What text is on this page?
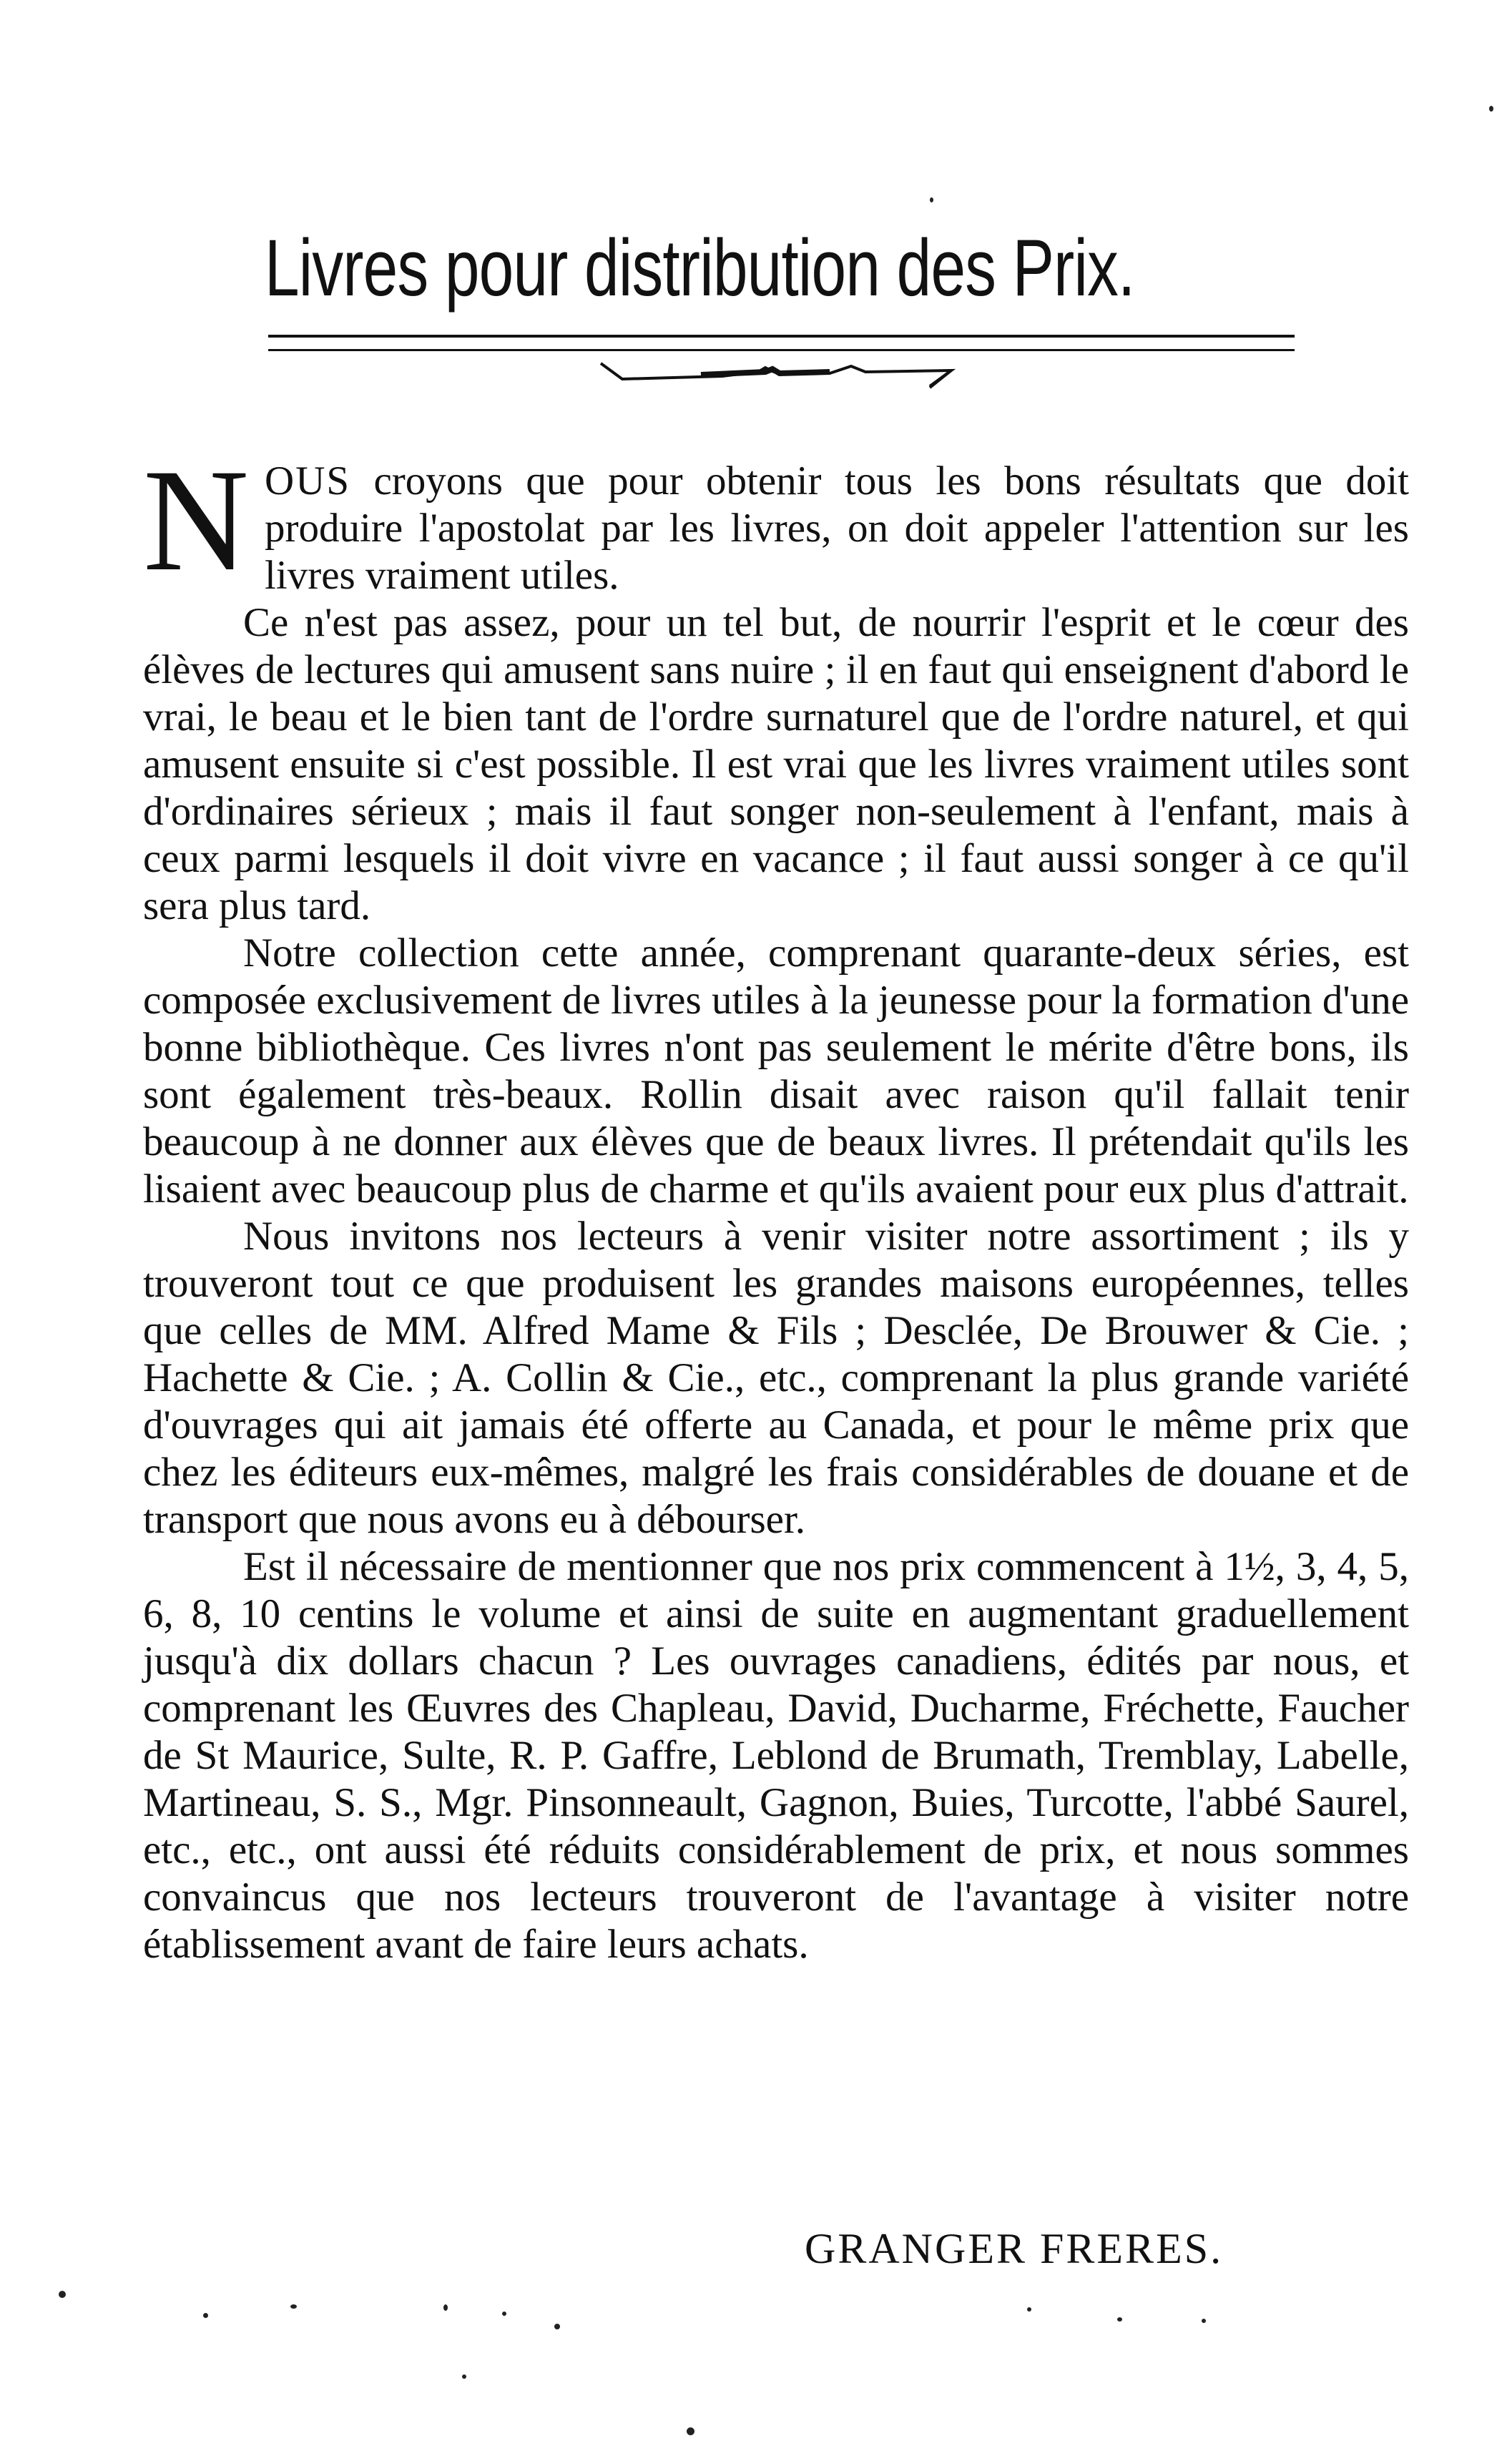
Livres pour distribution des Prix.

NOUS croyons que pour obtenir tous les bons résultats que doit produire l'apostolat par les livres, on doit appeler l'attention sur les livres vraiment utiles.

Ce n'est pas assez, pour un tel but, de nourrir l'esprit et le cœur des élèves de lectures qui amusent sans nuire ; il en faut qui enseignent d'abord le vrai, le beau et le bien tant de l'ordre surnaturel que de l'ordre naturel, et qui amusent ensuite si c'est possible. Il est vrai que les livres vraiment utiles sont d'ordinaires sérieux ; mais il faut songer non-seulement à l'enfant, mais à ceux parmi lesquels il doit vivre en vacance ; il faut aussi songer à ce qu'il sera plus tard.

Notre collection cette année, comprenant quarante-deux séries, est composée exclusivement de livres utiles à la jeunesse pour la formation d'une bonne bibliothèque. Ces livres n'ont pas seulement le mérite d'être bons, ils sont également très-beaux. Rollin disait avec raison qu'il fallait tenir beaucoup à ne donner aux élèves que de beaux livres. Il prétendait qu'ils les lisaient avec beaucoup plus de charme et qu'ils avaient pour eux plus d'attrait.

Nous invitons nos lecteurs à venir visiter notre assortiment ; ils y trouveront tout ce que produisent les grandes maisons européennes, telles que celles de MM. Alfred Mame & Fils ; Desclée, De Brouwer & Cie. ; Hachette & Cie. ; A. Collin & Cie., etc., comprenant la plus grande variété d'ouvrages qui ait jamais été offerte au Canada, et pour le même prix que chez les éditeurs eux-mêmes, malgré les frais considérables de douane et de transport que nous avons eu à débourser.

Est il nécessaire de mentionner que nos prix commencent à 1½, 3, 4, 5, 6, 8, 10 centins le volume et ainsi de suite en augmentant graduellement jusqu'à dix dollars chacun ? Les ouvrages canadiens, édités par nous, et comprenant les Œuvres des Chapleau, David, Ducharme, Fréchette, Faucher de St Maurice, Sulte, R. P. Gaffre, Leblond de Brumath, Tremblay, Labelle, Martineau, S. S., Mgr. Pinsonneault, Gagnon, Buies, Turcotte, l'abbé Saurel, etc., etc., ont aussi été réduits considérablement de prix, et nous sommes convaincus que nos lecteurs trouveront de l'avantage à visiter notre établissement avant de faire leurs achats.

GRANGER FRERES.
